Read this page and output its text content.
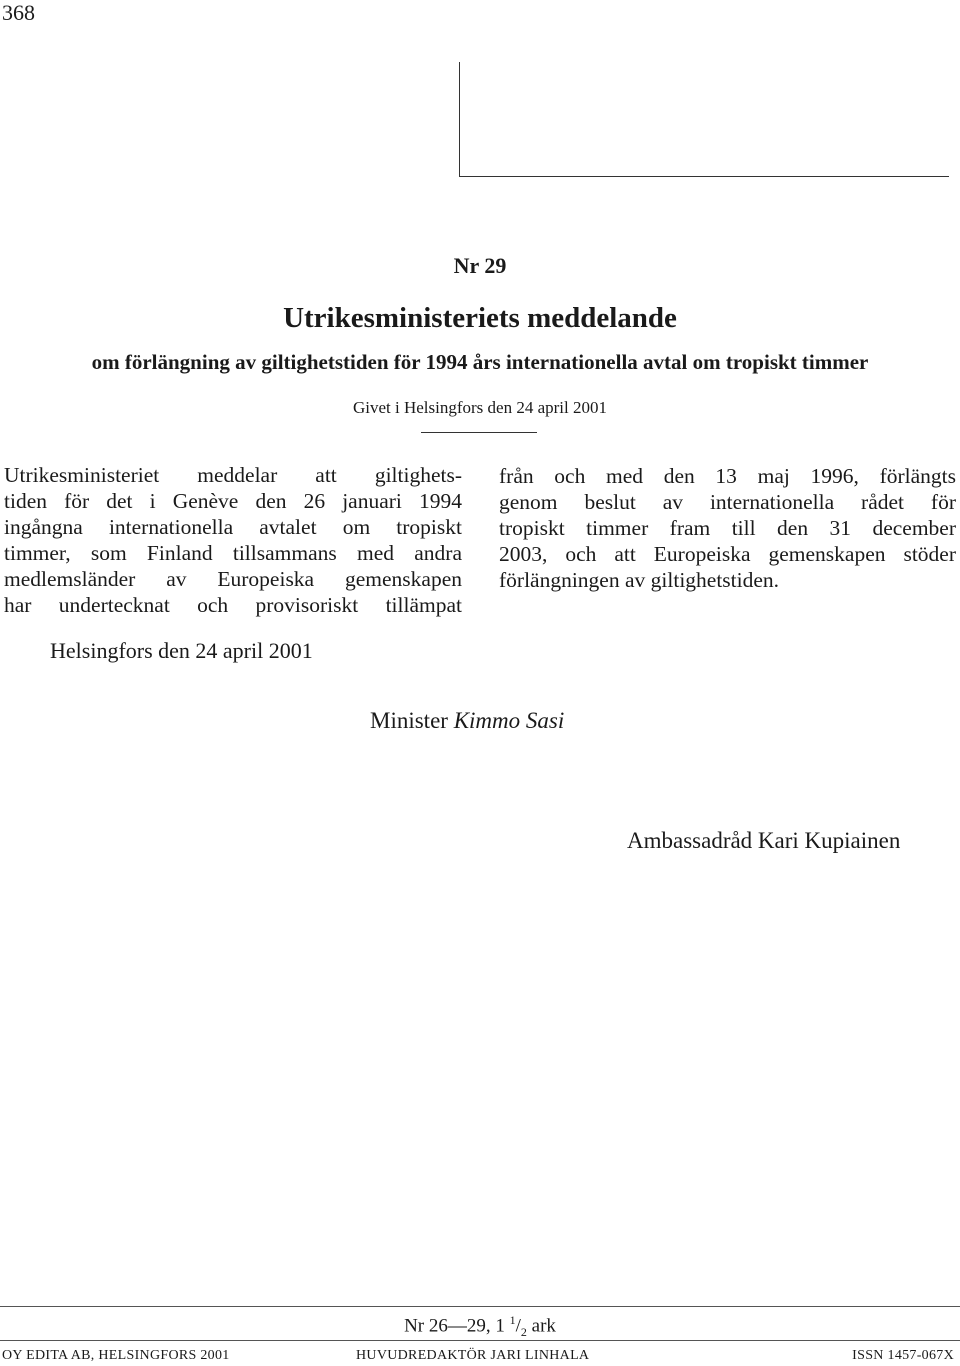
368
Nr 29
Utrikesministeriets meddelande
om förlängning av giltighetstiden för 1994 års internationella avtal om tropiskt timmer
Givet i Helsingfors den 24 april 2001
Utrikesministeriet meddelar att giltighets-
tiden för det i Genève den 26 januari 1994
ingångna internationella avtalet om tropiskt
timmer, som Finland tillsammans med andra
medlemsländer av Europeiska gemenskapen
har undertecknat och provisoriskt tillämpat
från och med den 13 maj 1996, förlängts
genom beslut av internationella rådet för
tropiskt timmer fram till den 31 december
2003, och att Europeiska gemenskapen stöder
förlängningen av giltighetstiden.
Helsingfors den 24 april 2001
Minister Kimmo Sasi
Ambassadråd Kari Kupiainen
Nr 26—29, 1 $^1/_2$ ark
OY EDITA AB, HELSINGFORS 2001	HUVUDREDAKTÖR JARI LINHALA	ISSN 1457-067X
